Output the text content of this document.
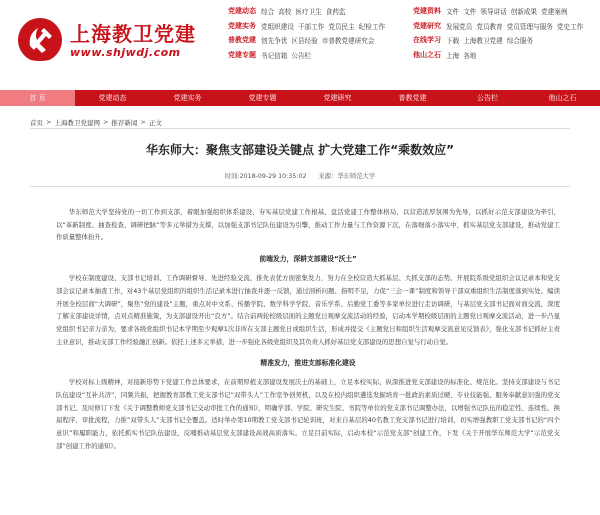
上海教卫党建
www.shjwdj.com
党建动态 综合 高校 医疗卫生 食药监	党建资料 文件 文件 领导讲话 创新成果 党建案例
党建实务 党组织建设 干部工作 党员民主 纪检工作	党建研究 发展党员 党员教育 党员管理与服务 党史工作
普教党建 创先争优 区县经验 市普教党建研究会	在线学习 下载 上海教卫党建 综合服务
党建专题 书记信箱 公告栏	他山之石 上海 各地
首 页	党建动态	党建实务	党建专题	党建研究	普教党建	公告栏	他山之石
首页 > 上海教卫党建网 > 推荐新闻 > 正文
华东师大：聚焦支部建设关键点 扩大党建工作“乘数效应”
时间:2018-09-29 10:35:02 来源：华东师范大学

华东师范大学坚持党的一切工作到支部，着眼加强组织体系建设、夯实基层党建工作根基、盘活党建工作整体格局，以营造浓厚氛围为先导，以抓好示范支部建设为牵引，以“革新制度、抽查检查、调研把脉”等多元举措为支撑，以加强支部书记队伍建设为引擎，推动工作力量与工作资源下沉，在落细落小落实中，抓实基层党支部建设，推动党建工作质量整体抬升。

前端发力，深耕支部建设“沃土”

学校在制度建设、支部书记培训、工作调研督导、先进经验交流、推先表优方面密集发力，努力在全校营造大抓基层、大抓支部的态势。开展院系级党组织会议记录本和党支部会议记录本抽查工作，对43个基层党组织的组织生活记录本进行抽查并逐一反馈，通过剖析问题、指明不足，力促“三会一课”制度和领导干部双重组织生活制度落到实处。编读开展全校层面“大调研”，聚焦“党的建设”主题，重点对中文系、传播学院、数学科学学院、音乐学系、后勤党工委等多家单位进行走访调研，与基层党支部书记面对面交流，深度了解支部建设详情，点对点精准施策，为支部建设开出“良方”。结合前两轮校级层面的主题党日观摩交流活动的经验，启动本学期校级层面的主题党日观摩交流活动，进一步凸显党组织书记亲力亲为，要求各级党组织书记本学期至少观摩1次非所在支部主题党日或组织生活，形成并提交《主题党日和组织生活观摩交流意见反馈表》，强化支部书记抓好主责主业意识，推动支部工作经验融汇创新。依托上述多元举措，进一步强化各级党组织及其负责人抓好基层党支部建设的思想自觉与行动自觉。

精准发力，推进支部标准化建设

学校对标上级精神，对接新形势下党建工作总体要求，在前期厚植支部建设发展沃土的基础上，立足本校实际，纵深推进党支部建设的标准化、规范化。坚持支部建设与书记队伍建设“互补共济”，同频共振，把握教育部教工党支部书记“双带头人”工作室争创契机，以及在校内组织遴选发掘培育一批政治素质过硬、专业技能强、服务奉献意识强的党支部书记。及时修订下发《关于调整教师党支部书记交动审批工作的通知》，明确学部、学院、研究生院、书院等单位的党支部书记调整办法，以增强书记队伍的稳定性、连续性。换届程序、审批流程，力推“双带头人”支部书记全覆盖。适时举办第10期教工党支部书记轮训班，对来自基层的40名教工党支部书记进行培训，切实增强教职工党支部书记的“四个意识”和履职能力，依托抓实书记队伍建设，反哺推动基层党支部建设高效高质落实。立足目前实际，启动本校“示范党支部”创建工作，下发《关于开展华东师范大学“示范党支部”创建工作的通知》。
